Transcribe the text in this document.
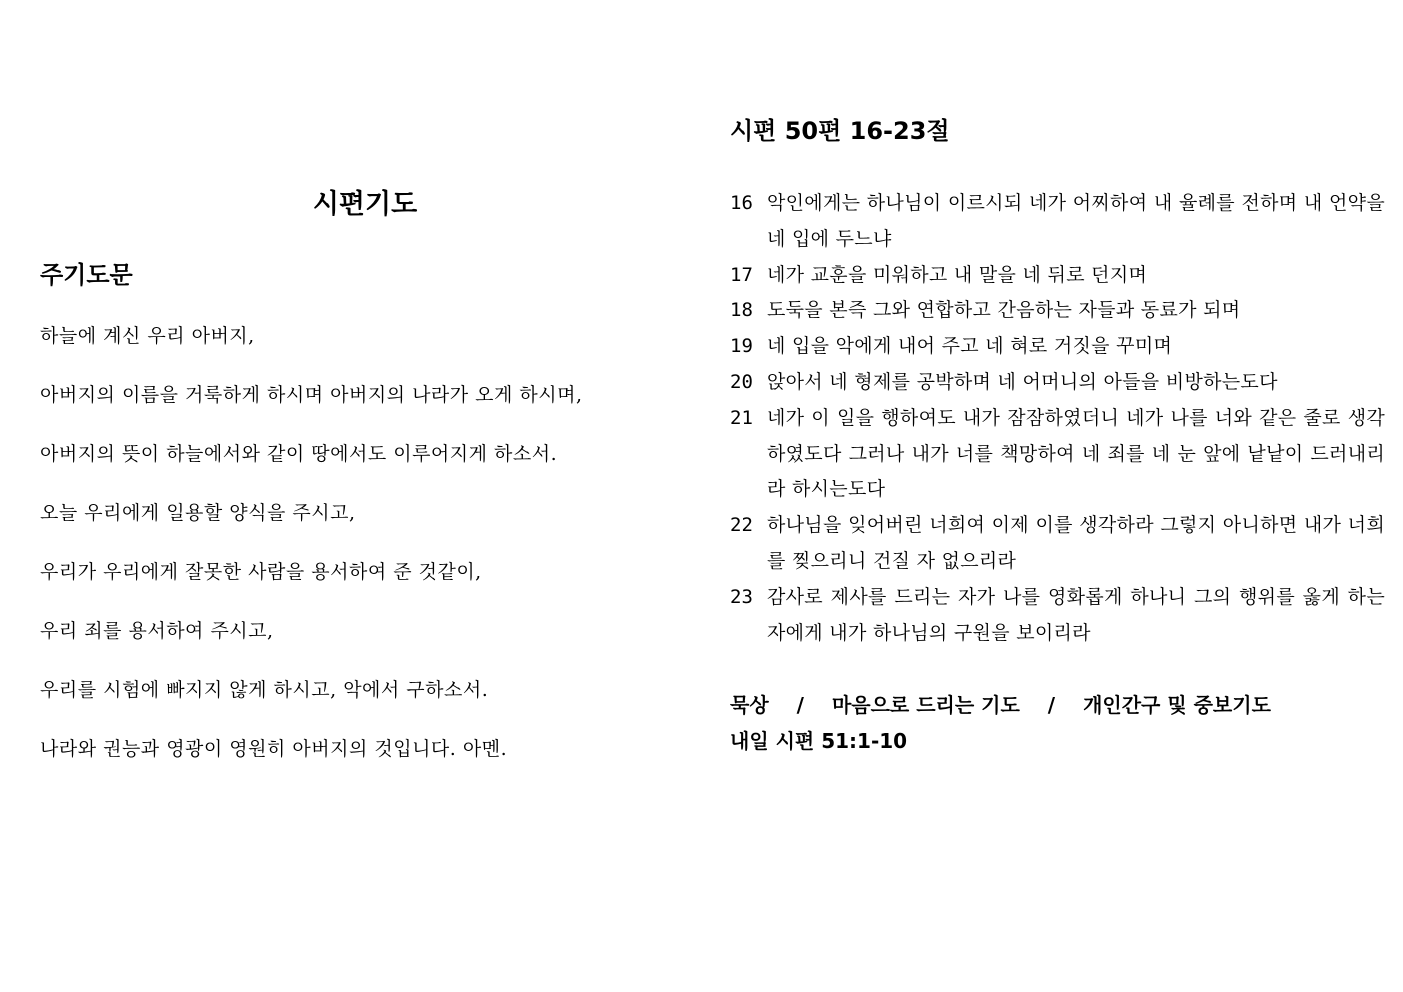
시편기도
주기도문
하늘에 계신 우리 아버지,
아버지의 이름을 거룩하게 하시며 아버지의 나라가 오게 하시며,
아버지의 뜻이 하늘에서와 같이 땅에서도 이루어지게 하소서.
오늘 우리에게 일용할 양식을 주시고,
우리가 우리에게 잘못한 사람을 용서하여 준 것같이,
우리 죄를 용서하여 주시고,
우리를 시험에 빠지지 않게 하시고, 악에서 구하소서.
나라와 권능과 영광이 영원히 아버지의 것입니다. 아멘.
시편 50편 16-23절
16 악인에게는 하나님이 이르시되 네가 어찌하여 내 율례를 전하며 내 언약을 네 입에 두느냐
17 네가 교훈을 미워하고 내 말을 네 뒤로 던지며
18 도둑을 본즉 그와 연합하고 간음하는 자들과 동료가 되며
19 네 입을 악에게 내어 주고 네 혀로 거짓을 꾸미며
20 앉아서 네 형제를 공박하며 네 어머니의 아들을 비방하는도다
21 네가 이 일을 행하여도 내가 잠잠하였더니 네가 나를 너와 같은 줄로 생각하였도다 그러나 내가 너를 책망하여 네 죄를 네 눈 앞에 낱낱이 드러내리라 하시는도다
22 하나님을 잊어버린 너희여 이제 이를 생각하라 그렇지 아니하면 내가 너희를 찢으리니 건질 자 없으리라
23 감사로 제사를 드리는 자가 나를 영화롭게 하나니 그의 행위를 옳게 하는 자에게 내가 하나님의 구원을 보이리라
묵상 / 마음으로 드리는 기도 / 개인간구 및 중보기도
내일 시편 51:1-10
